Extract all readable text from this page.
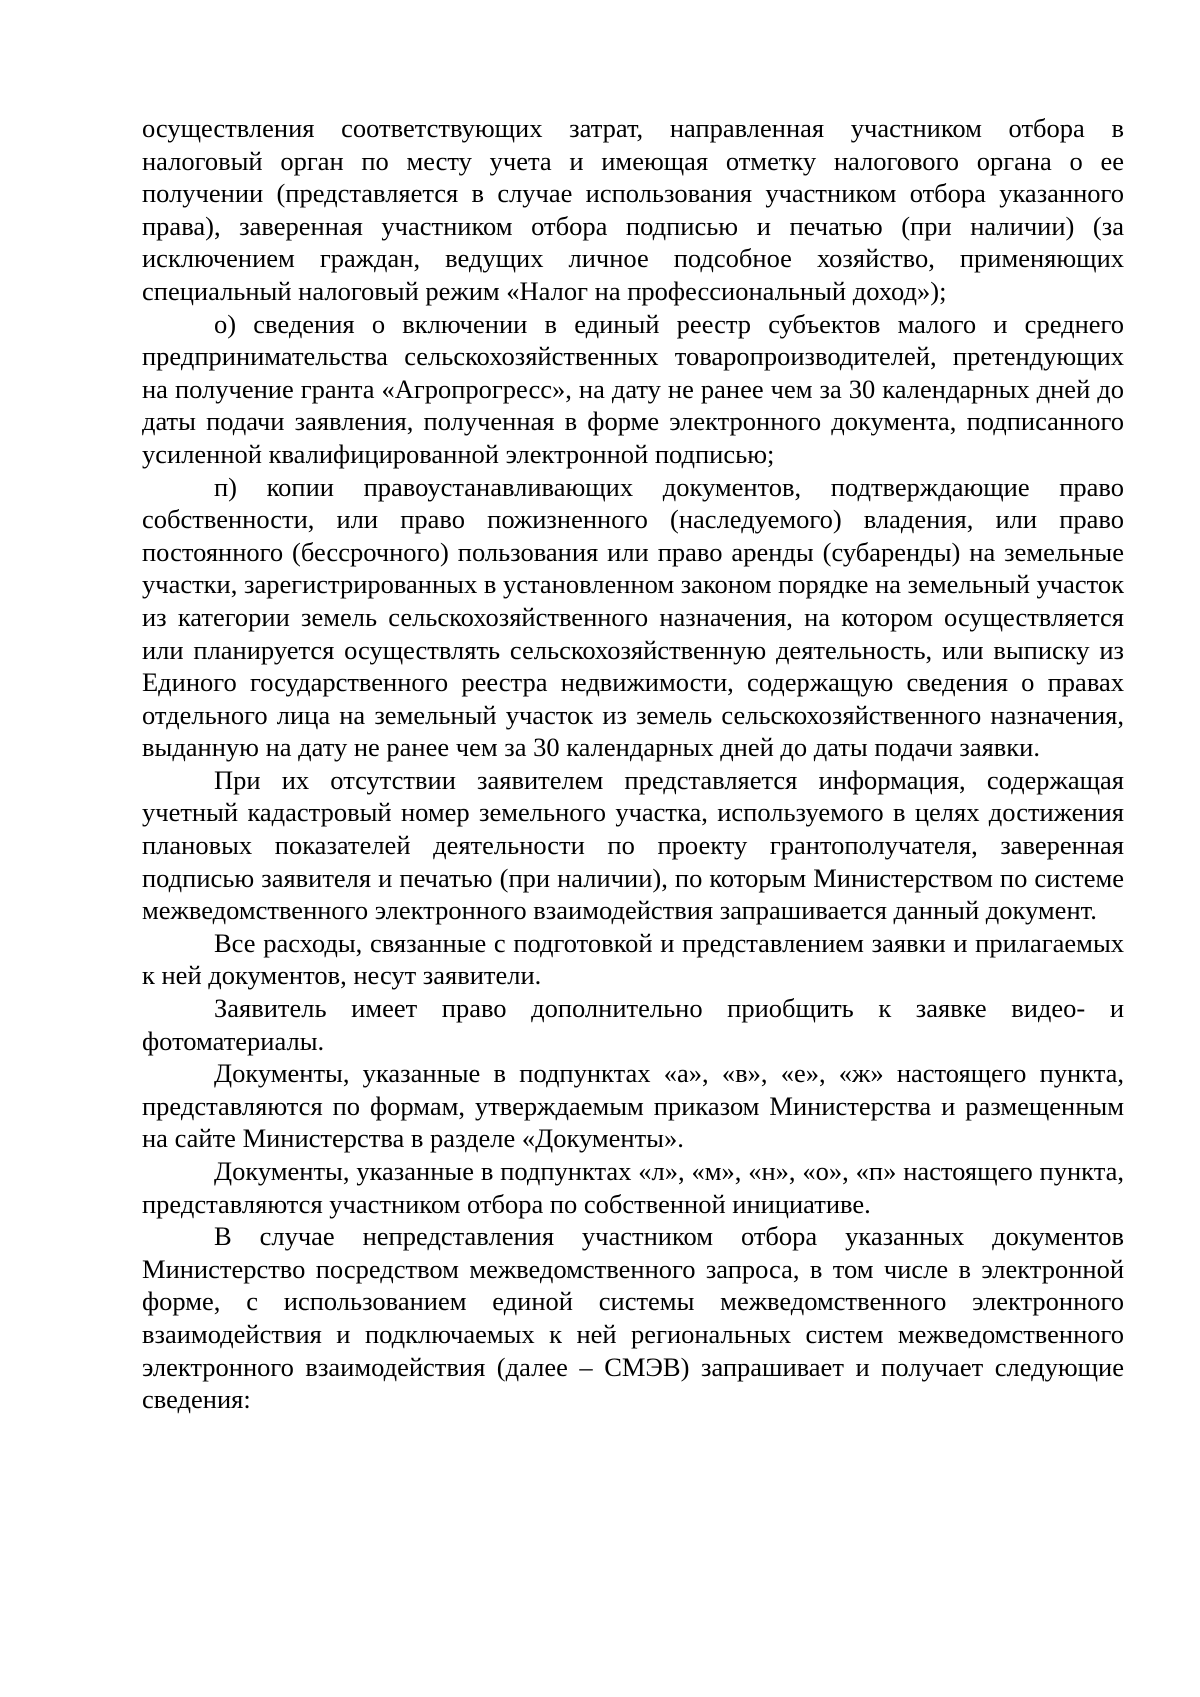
осуществления соответствующих затрат, направленная участником отбора в налоговый орган по месту учета и имеющая отметку налогового органа о ее получении (представляется в случае использования участником отбора указанного права), заверенная участником отбора подписью и печатью (при наличии) (за исключением граждан, ведущих личное подсобное хозяйство, применяющих специальный налоговый режим «Налог на профессиональный доход»);

о) сведения о включении в единый реестр субъектов малого и среднего предпринимательства сельскохозяйственных товаропроизводителей, претендующих на получение гранта «Агропрогресс», на дату не ранее чем за 30 календарных дней до даты подачи заявления, полученная в форме электронного документа, подписанного усиленной квалифицированной электронной подписью;

п) копии правоустанавливающих документов, подтверждающие право собственности, или право пожизненного (наследуемого) владения, или право постоянного (бессрочного) пользования или право аренды (субаренды) на земельные участки, зарегистрированных в установленном законом порядке на земельный участок из категории земель сельскохозяйственного назначения, на котором осуществляется или планируется осуществлять сельскохозяйственную деятельность, или выписку из Единого государственного реестра недвижимости, содержащую сведения о правах отдельного лица на земельный участок из земель сельскохозяйственного назначения, выданную на дату не ранее чем за 30 календарных дней до даты подачи заявки.

При их отсутствии заявителем представляется информация, содержащая учетный кадастровый номер земельного участка, используемого в целях достижения плановых показателей деятельности по проекту грантополучателя, заверенная подписью заявителя и печатью (при наличии), по которым Министерством по системе межведомственного электронного взаимодействия запрашивается данный документ.

Все расходы, связанные с подготовкой и представлением заявки и прилагаемых к ней документов, несут заявители.

Заявитель имеет право дополнительно приобщить к заявке видео- и фотоматериалы.

Документы, указанные в подпунктах «а», «в», «е», «ж» настоящего пункта, представляются по формам, утверждаемым приказом Министерства и размещенным на сайте Министерства в разделе «Документы».

Документы, указанные в подпунктах «л», «м», «н», «о», «п» настоящего пункта, представляются участником отбора по собственной инициативе.

В случае непредставления участником отбора указанных документов Министерство посредством межведомственного запроса, в том числе в электронной форме, с использованием единой системы межведомственного электронного взаимодействия и подключаемых к ней региональных систем межведомственного электронного взаимодействия (далее – СМЭВ) запрашивает и получает следующие сведения:
